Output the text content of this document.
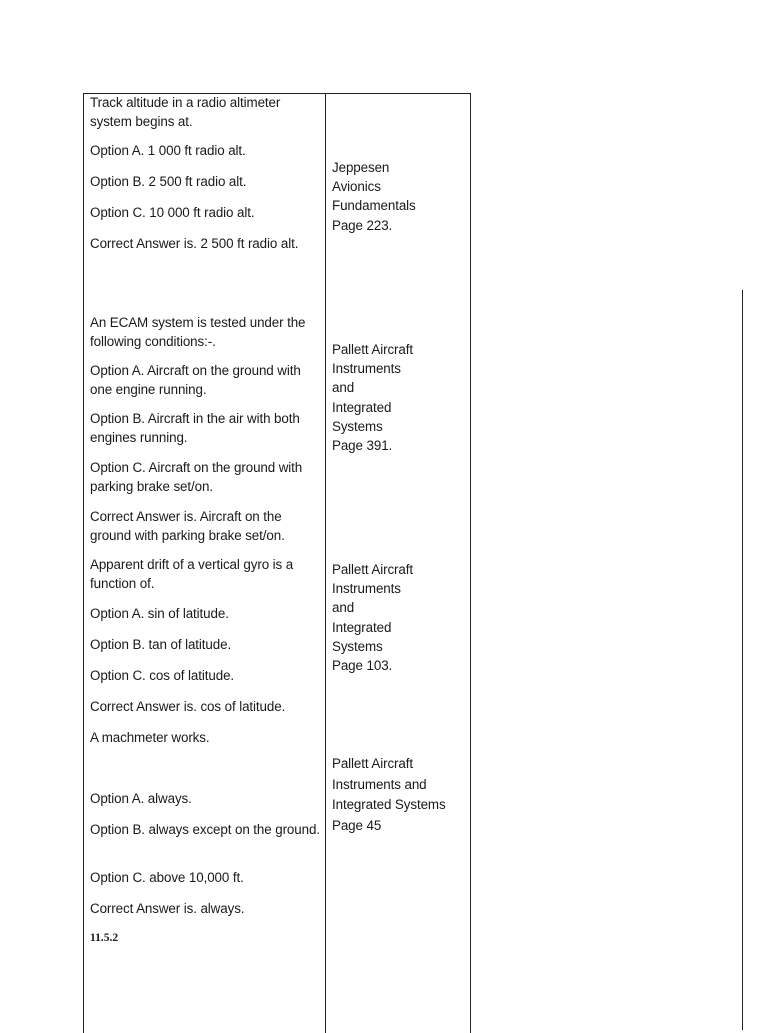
Track altitude in a radio altimeter system begins at.
Option A. 1 000 ft radio alt.
Option B. 2 500 ft radio alt.
Option C. 10 000 ft radio alt.
Correct Answer is. 2 500 ft radio alt.
Jeppesen
Avionics
Fundamentals
Page 223.
An ECAM system is tested under the following conditions:-.
Option A. Aircraft on the ground with one engine running.
Option B. Aircraft in the air with both engines running.
Option C. Aircraft on the ground with parking brake set/on.
Correct Answer is. Aircraft on the ground with parking brake set/on.
Pallett Aircraft
Instruments
and
Integrated
Systems
Page 391.
Apparent drift of a vertical gyro is a function of.
Option A. sin of latitude.
Option B. tan of latitude.
Option C. cos of latitude.
Correct Answer is. cos of latitude.
Pallett Aircraft
Instruments
and
Integrated
Systems
Page 103.
A machmeter works.
Option A. always.
Option B. always except on the ground.
Option C. above 10,000 ft.
Correct Answer is. always.
Pallett Aircraft
Instruments and
Integrated Systems
Page 45
11.5.2
